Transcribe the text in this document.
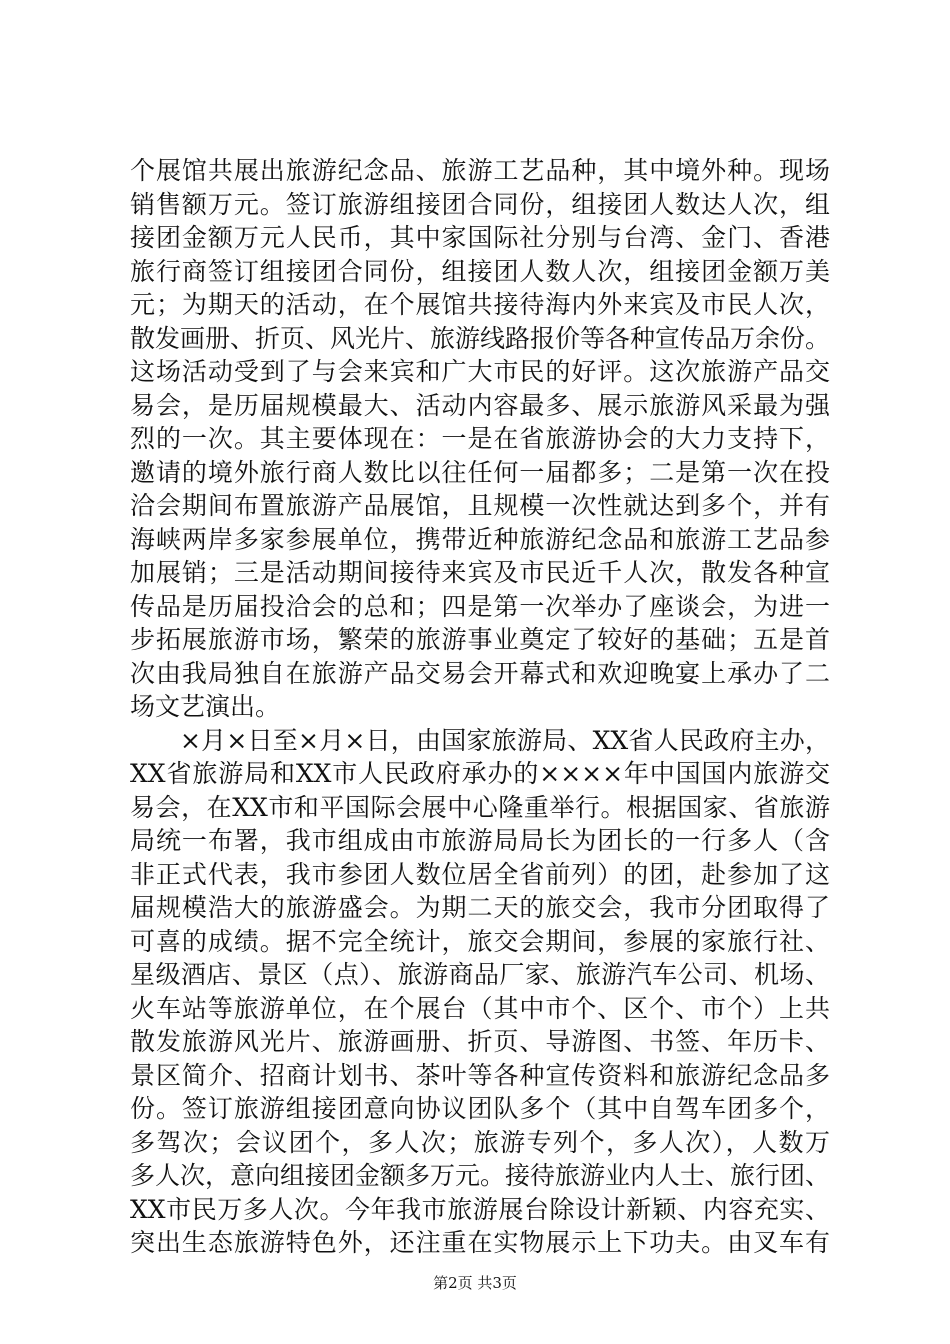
个展馆共展出旅游纪念品、旅游工艺品种，其中境外种。现场
销售额万元。签订旅游组接团合同份，组接团人数达人次，组
接团金额万元人民币，其中家国际社分别与台湾、金门、香港
旅行商签订组接团合同份，组接团人数人次，组接团金额万美
元；为期天的活动，在个展馆共接待海内外来宾及市民人次，
散发画册、折页、风光片、旅游线路报价等各种宣传品万余份。
这场活动受到了与会来宾和广大市民的好评。这次旅游产品交
易会，是历届规模最大、活动内容最多、展示旅游风采最为强
烈的一次。其主要体现在：一是在省旅游协会的大力支持下，
邀请的境外旅行商人数比以往任何一届都多；二是第一次在投
洽会期间布置旅游产品展馆，且规模一次性就达到多个，并有
海峡两岸多家参展单位，携带近种旅游纪念品和旅游工艺品参
加展销；三是活动期间接待来宾及市民近千人次，散发各种宣
传品是历届投洽会的总和；四是第一次举办了座谈会，为进一
步拓展旅游市场，繁荣的旅游事业奠定了较好的基础；五是首
次由我局独自在旅游产品交易会开幕式和欢迎晚宴上承办了二
场文艺演出。
×月×日至×月×日，由国家旅游局、XX省人民政府主办，
XX省旅游局和XX市人民政府承办的××××年中国国内旅游交
易会，在XX市和平国际会展中心隆重举行。根据国家、省旅游
局统一布署，我市组成由市旅游局局长为团长的一行多人（含
非正式代表，我市参团人数位居全省前列）的团，赴参加了这
届规模浩大的旅游盛会。为期二天的旅交会，我市分团取得了
可喜的成绩。据不完全统计，旅交会期间，参展的家旅行社、
星级酒店、景区（点）、旅游商品厂家、旅游汽车公司、机场、
火车站等旅游单位，在个展台（其中市个、区个、市个）上共
散发旅游风光片、旅游画册、折页、导游图、书签、年历卡、
景区简介、招商计划书、茶叶等各种宣传资料和旅游纪念品多
份。签订旅游组接团意向协议团队多个（其中自驾车团多个，
多驾次；会议团个，多人次；旅游专列个，多人次），人数万
多人次，意向组接团金额多万元。接待旅游业内人士、旅行团、
XX市民万多人次。今年我市旅游展台除设计新颖、内容充实、
突出生态旅游特色外，还注重在实物展示上下功夫。由叉车有
第2页 共3页
